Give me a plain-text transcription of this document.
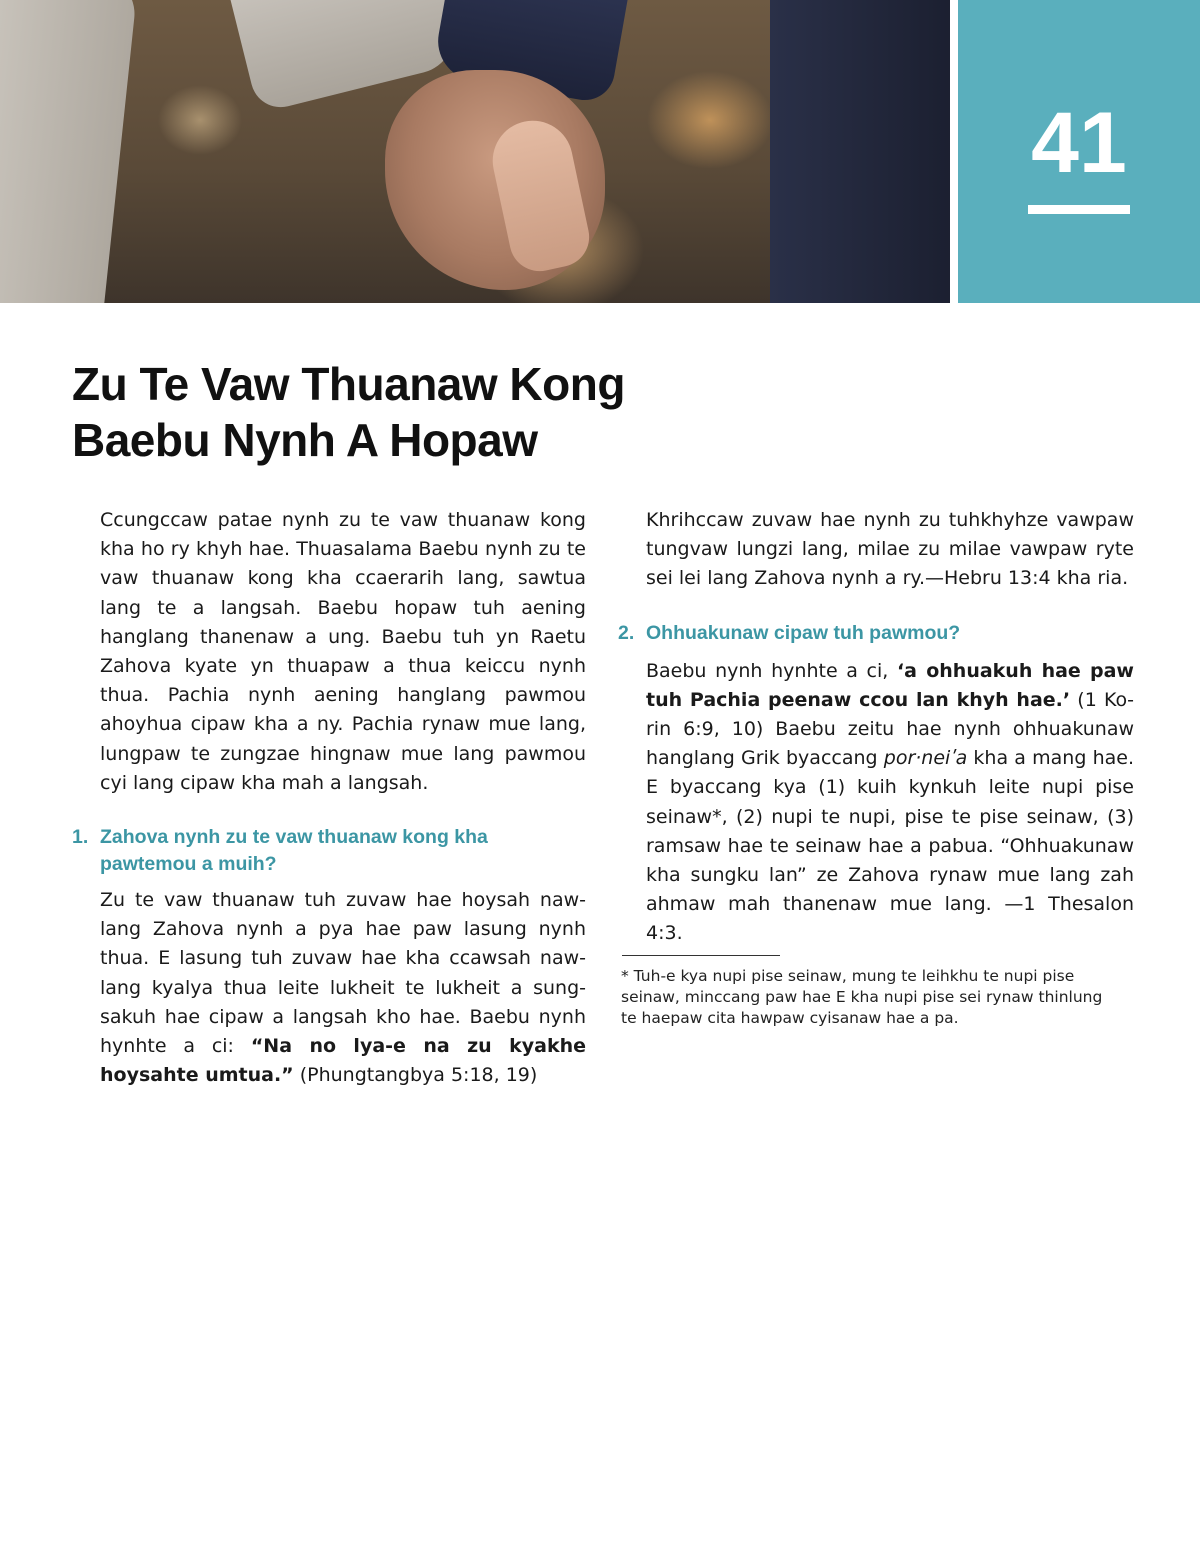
41
Zu Te Vaw Thuanaw Kong
Baebu Nynh A Hopaw

Ccungccaw patae nynh zu te vaw thuanaw kong kha ho ry khyh hae. Thuasalama Baebu nynh zu te vaw thuanaw kong kha ccaerarih lang, sawtua lang te a langsah. Baebu hopaw tuh aening hanglang thanenaw a ung. Baebu tuh yn Raetu Zahova kyate yn thuapaw a thua keiccu nynh thua. Pachia nynh aening hanglang pawmou ahoyhua cipaw kha a ny. Pachia rynaw mue lang, lungpaw te zungzae hingnaw mue lang pawmou cyi lang cipaw kha mah a langsah.

1. Zahova nynh zu te vaw thuanaw kong kha pawtemou a muih?

Zu te vaw thuanaw tuh zuvaw hae hoysah nawlang Zahova nynh a pya hae paw lasung nynh thua. E lasung tuh zuvaw hae kha ccawsah nawlang kyalya thua leite lukheit te lukheit a sungsakuh hae cipaw a langsah kho hae. Baebu nynh hynhte a ci: “Na no lya-e na zu kyakhe hoysahte umtua.” (Phungtangbya 5:18, 19)

Khrihccaw zuvaw hae nynh zu tuhkhyhze vawpaw tungvaw lungzi lang, milae zu milae vawpaw ryte sei lei lang Zahova nynh a ry.—Hebru 13:4 kha ria.

2. Ohhuakunaw cipaw tuh pawmou?

Baebu nynh hynhte a ci, ‘a ohhuakuh hae paw tuh Pachia peenaw ccou lan khyh hae.’ (1 Korin 6:9, 10) Baebu zeitu hae nynh ohhuakunaw hanglang Grik byaccang por·neiʹa kha a mang hae. E byaccang kya (1) kuih kynkuh leite nupi pise seinaw*, (2) nupi te nupi, pise te pise seinaw, (3) ramsaw hae te seinaw hae a pabua. “Ohhuakunaw kha sungku lan” ze Zahova rynaw mue lang zah ahmaw mah thanenaw mue lang. —1 Thesalon 4:3.

* Tuh-e kya nupi pise seinaw, mung te leihkhu te nupi pise seinaw, minccang paw hae E kha nupi pise sei rynaw thinlung te haepaw cita hawpaw cyisanaw hae a pa.
